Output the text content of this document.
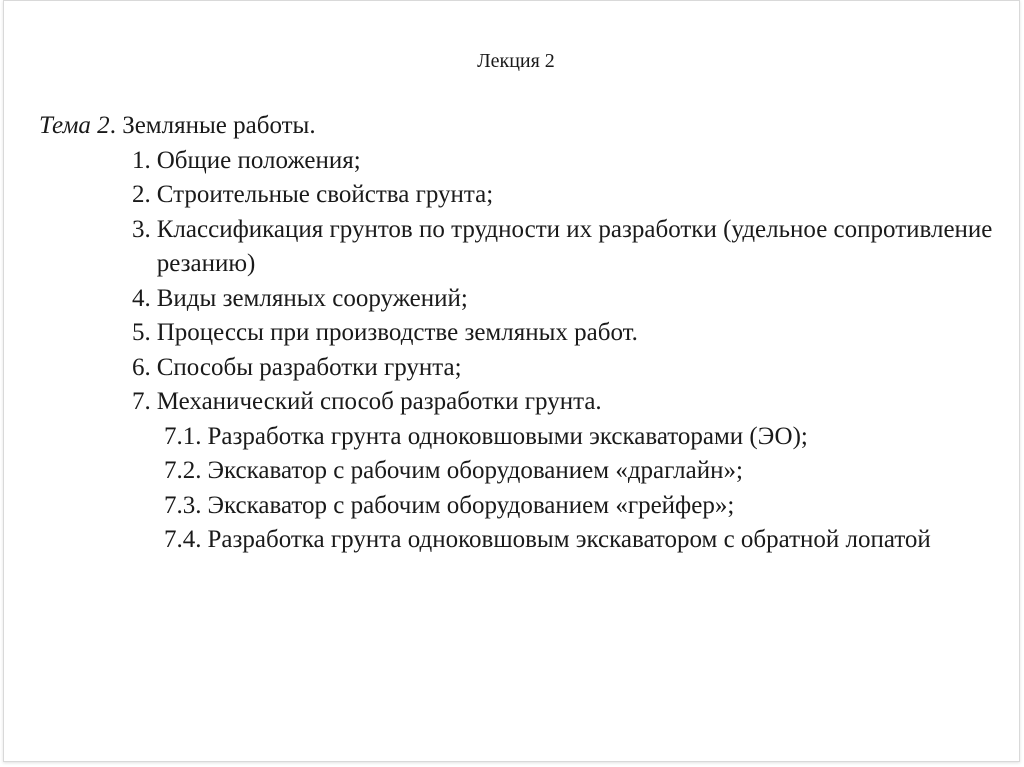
Лекция 2
Тема 2. Земляные работы.
1. Общие положения;
2. Строительные свойства грунта;
3. Классификация грунтов по трудности их разработки (удельное сопротивление резанию)
4. Виды земляных сооружений;
5. Процессы при производстве земляных работ.
6. Способы разработки грунта;
7. Механический способ разработки грунта.
7.1. Разработка грунта одноковшовыми экскаваторами (ЭО);
7.2. Экскаватор с рабочим оборудованием «драглайн»;
7.3. Экскаватор с рабочим оборудованием «грейфер»;
7.4. Разработка грунта одноковшовым экскаватором с обратной лопатой
